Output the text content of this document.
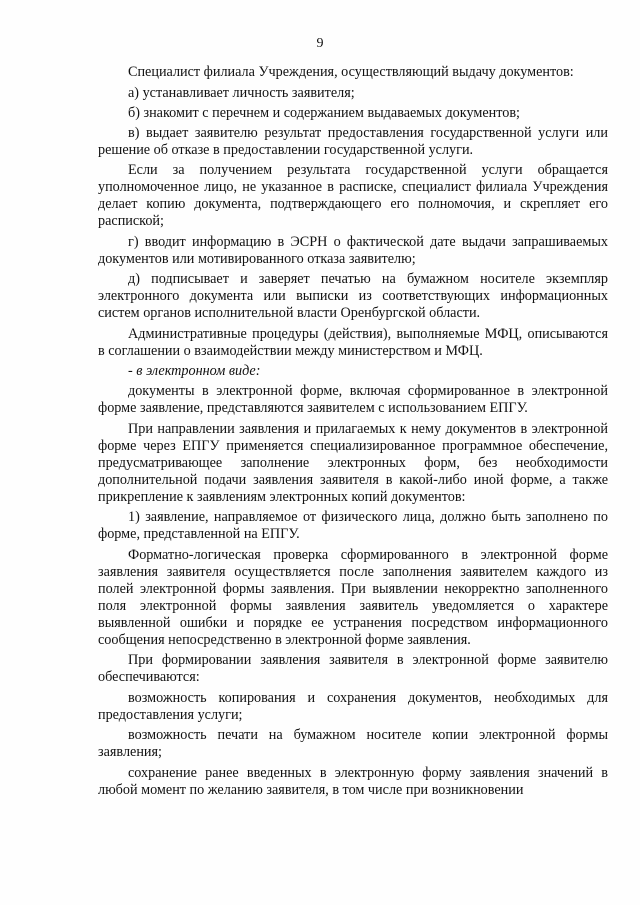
9

Специалист филиала Учреждения, осуществляющий выдачу документов:

а) устанавливает личность заявителя;

б) знакомит с перечнем и содержанием выдаваемых документов;

в) выдает заявителю результат предоставления государственной услуги или решение об отказе в предоставлении государственной услуги.

Если за получением результата государственной услуги обращается уполномоченное лицо, не указанное в расписке, специалист филиала Учреждения делает копию документа, подтверждающего его полномочия, и скрепляет его распиской;

г) вводит информацию в ЭСРН о фактической дате выдачи запрашиваемых документов или мотивированного отказа заявителю;

д) подписывает и заверяет печатью на бумажном носителе экземпляр электронного документа или выписки из соответствующих информационных систем органов исполнительной власти Оренбургской области.

Административные процедуры (действия), выполняемые МФЦ, описываются в соглашении о взаимодействии между министерством и МФЦ.

- в электронном виде:

документы в электронной форме, включая сформированное в электронной форме заявление, представляются заявителем с использованием ЕПГУ.

При направлении заявления и прилагаемых к нему документов в электронной форме через ЕПГУ применяется специализированное программное обеспечение, предусматривающее заполнение электронных форм, без необходимости дополнительной подачи заявления заявителя в какой-либо иной форме, а также прикрепление к заявлениям электронных копий документов:

1) заявление, направляемое от физического лица, должно быть заполнено по форме, представленной на ЕПГУ.

Форматно-логическая проверка сформированного в электронной форме заявления заявителя осуществляется после заполнения заявителем каждого из полей электронной формы заявления. При выявлении некорректно заполненного поля электронной формы заявления заявитель уведомляется о характере выявленной ошибки и порядке ее устранения посредством информационного сообщения непосредственно в электронной форме заявления.

При формировании заявления заявителя в электронной форме заявителю обеспечиваются:

возможность копирования и сохранения документов, необходимых для предоставления услуги;

возможность печати на бумажном носителе копии электронной формы заявления;

сохранение ранее введенных в электронную форму заявления значений в любой момент по желанию заявителя, в том числе при возникновении
